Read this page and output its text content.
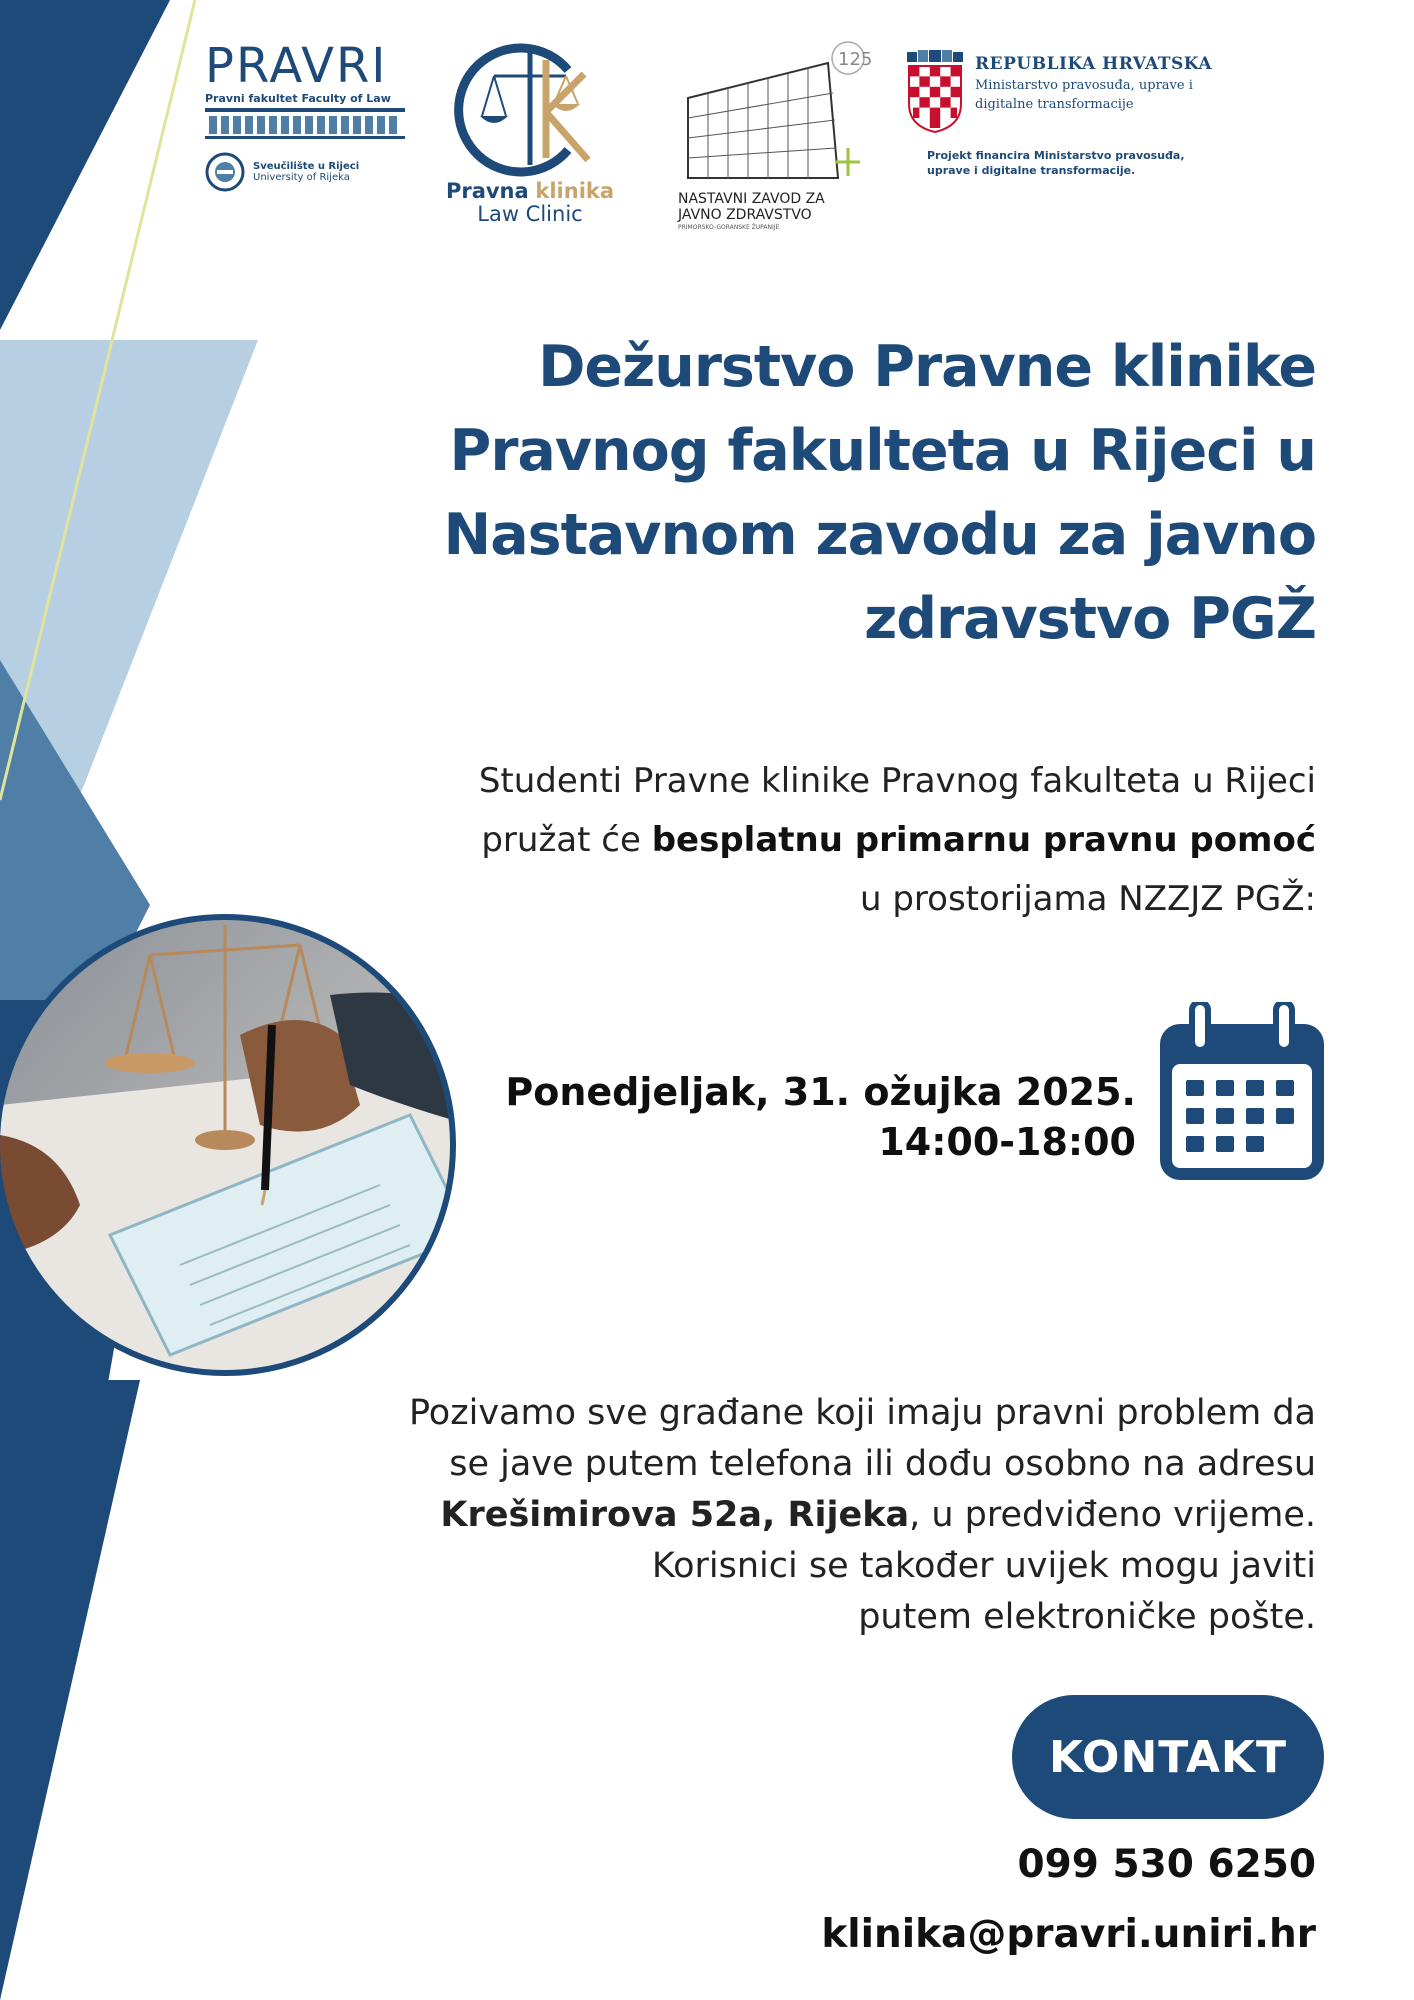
PRAVRI
Pravni fakultet Faculty of Law
Sveučilište u Rijeci
University of Rijeka
Pravna klinika
Law Clinic
125
NASTAVNI ZAVOD ZA
JAVNO ZDRAVSTVO
PRIMORSKO-GORANSKE ŽUPANIJE
REPUBLIKA HRVATSKA
Ministarstvo pravosuđa, uprave i
digitalne transformacije
Projekt financira Ministarstvo pravosuđa,
uprave i digitalne transformacije.
Dežurstvo Pravne klinike
Pravnog fakulteta u Rijeci u
Nastavnom zavodu za javno
zdravstvo PGŽ
Studenti Pravne klinike Pravnog fakulteta u Rijeci
pružat će besplatnu primarnu pravnu pomoć
u prostorijama NZZJZ PGŽ:
Ponedjeljak, 31. ožujka 2025.
14:00-18:00
Pozivamo sve građane koji imaju pravni problem da
se jave putem telefona ili dođu osobno na adresu
Krešimirova 52a, Rijeka, u predviđeno vrijeme.
Korisnici se također uvijek mogu javiti
putem elektroničke pošte.
KONTAKT
099 530 6250
klinika@pravri.uniri.hr
